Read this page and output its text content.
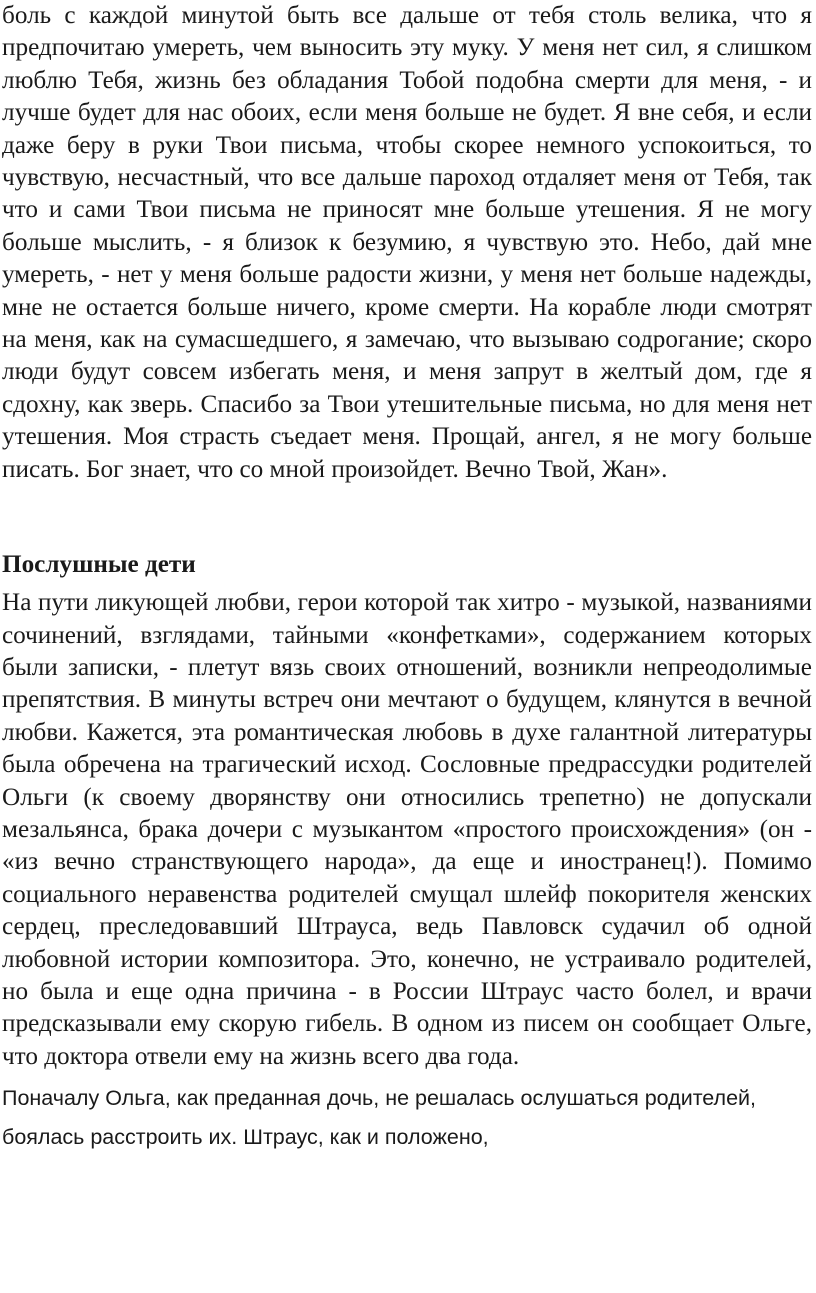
боль с каждой минутой быть все дальше от тебя столь велика, что я предпочитаю умереть, чем выносить эту муку. У меня нет сил, я слишком люблю Тебя, жизнь без обладания Тобой подобна смерти для меня, - и лучше будет для нас обоих, если меня больше не будет. Я вне себя, и если даже беру в руки Твои письма, чтобы скорее немного успокоиться, то чувствую, несчастный, что все дальше пароход отдаляет меня от Тебя, так что и сами Твои письма не приносят мне больше утешения. Я не могу больше мыслить, - я близок к безумию, я чувствую это. Небо, дай мне умереть, - нет у меня больше радости жизни, у меня нет больше надежды, мне не остается больше ничего, кроме смерти. На корабле люди смотрят на меня, как на сумасшедшего, я замечаю, что вызываю содрогание; скоро люди будут совсем избегать меня, и меня запрут в желтый дом, где я сдохну, как зверь. Спасибо за Твои утешительные письма, но для меня нет утешения. Моя страсть съедает меня. Прощай, ангел, я не могу больше писать. Бог знает, что со мной произойдет. Вечно Твой, Жан».

Послушные дети

На пути ликующей любви, герои которой так хитро - музыкой, названиями сочинений, взглядами, тайными «конфетками», содержанием которых были записки, - плетут вязь своих отношений, возникли непреодолимые препятствия. В минуты встреч они мечтают о будущем, клянутся в вечной любви. Кажется, эта романтическая любовь в духе галантной литературы была обречена на трагический исход. Сословные предрассудки родителей Ольги (к своему дворянству они относились трепетно) не допускали мезальянса, брака дочери с музыкантом «простого происхождения» (он - «из вечно странствующего народа», да еще и иностранец!). Помимо социального неравенства родителей смущал шлейф покорителя женских сердец, преследовавший Штрауса, ведь Павловск судачил об одной любовной истории композитора. Это, конечно, не устраивало родителей, но была и еще одна причина - в России Штраус часто болел, и врачи предсказывали ему скорую гибель. В одном из писем он сообщает Ольге, что доктора отвели ему на жизнь всего два года.

Поначалу Ольга, как преданная дочь, не решалась ослушаться родителей, боялась расстроить их. Штраус, как и положено,
